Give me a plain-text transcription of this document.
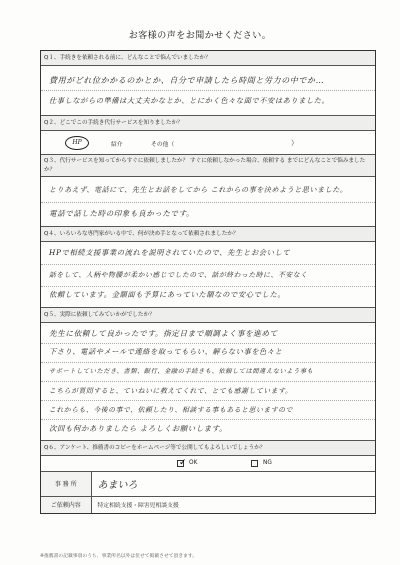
お客様の声をお聞かせください。
Q１、手続きを依頼される前に、どんなことで悩んでいましたか？
費用がどれ位かかるのかとか、自分で申請したら時間と労力の中でか…
仕事しながらの準備は大丈夫かなとか、とにかく色々な面で不安はありました。
Q２、どこでこの手続き代行サービスを知りましたか？
HP	紹介	その他（	）
Q３、代行サービスを知ってからすぐに依頼しましたか？ すぐに依頼しなかった場合、依頼する までにどんなことで悩みましたか？
とりあえず、電話にて、先生とお話をしてから これからの事を決めようと思いました。
電話で話した時の印象も良かったです。
Q４、いろいろな専門家がいる中で、何が決め手となって依頼されましたか？
HPで相続支援事業の流れを説明されていたので、先生とお会いして
話をして、人柄や物腰が柔かい感じでしたので、話が終わった時に、不安なく
依頼しています。金額面も予算にあっていた額なので安心でした。
Q５、実際に依頼してみていかがでしたか？
先生に依頼して良かったです。指定日まで順調よく事を進めて
下さり、電話やメールで連絡を取ってもらい、解らない事を色々と
サポートしていただき、書類、銀行、金融の手続きも、依頼しては間違えないよう事も
こちらが質問すると、ていねいに教えてくれて、とても感謝しています。
これからも、今後の事で、依頼したり、相談する事もあると思いますので
次回も何かありましたら よろしくお願いします。
Q６、アンケート、推薦書のコピーをホームページ等で公開してもよろしいでしょうか？
✓ OK	NG
事 務 所	あまいろ
ご依頼内容	特定相続支援・障害児相談支援
※推薦書の記載事項のうち、事業所名以外は伏せて掲載させて頂きます。
